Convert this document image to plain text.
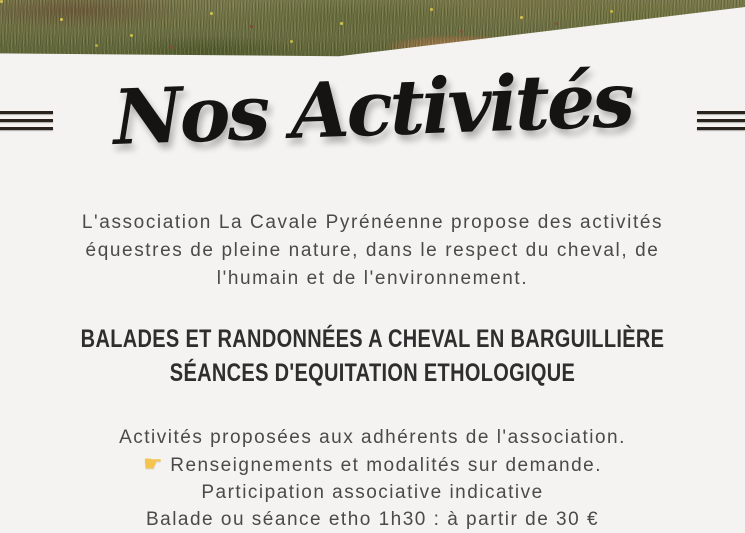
Nos Activités
L'association La Cavale Pyrénéenne propose des activités
équestres de pleine nature, dans le respect du cheval, de
l'humain et de l'environnement.
BALADES ET RANDONNÉES A CHEVAL EN BARGUILLIÈRE
SÉANCES D'EQUITATION ETHOLOGIQUE
Activités proposées aux adhérents de l'association.
☛ Renseignements et modalités sur demande.
Participation associative indicative
Balade ou séance etho 1h30 : à partir de 30 €
